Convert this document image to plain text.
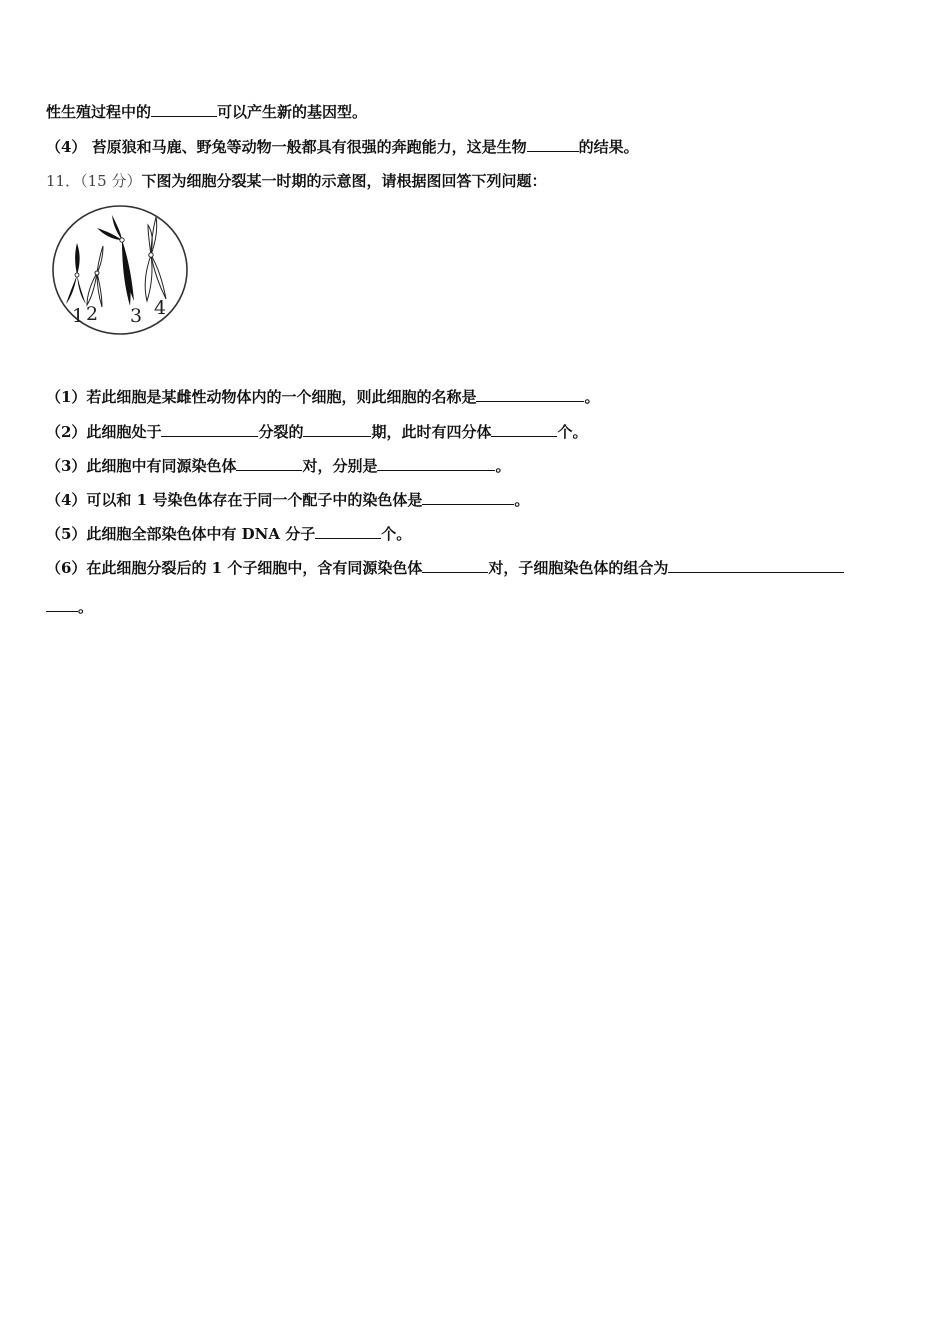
性生殖过程中的	可以产生新的基因型。
（4） 苔原狼和马鹿、野兔等动物一般都具有很强的奔跑能力，这是生物	的结果。
11．（15 分）下图为细胞分裂某一时期的示意图，请根据图回答下列问题：
1 2 3 4
（1）若此细胞是某雌性动物体内的一个细胞，则此细胞的名称是	。
（2）此细胞处于	分裂的	期，此时有四分体	个。
（3）此细胞中有同源染色体	对，分别是	。
（4）可以和 1 号染色体存在于同一个配子中的染色体是	。
（5）此细胞全部染色体中有 DNA 分子	个。
（6）在此细胞分裂后的 1 个子细胞中，含有同源染色体	对，子细胞染色体的组合为
。
